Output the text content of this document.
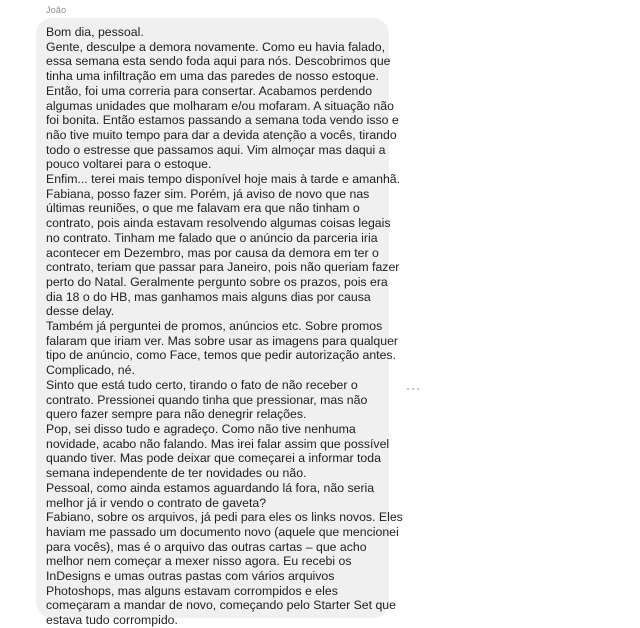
João
Bom dia, pessoal.
Gente, desculpe a demora novamente. Como eu havia falado,
essa semana esta sendo foda aqui para nós. Descobrimos que
tinha uma infiltração em uma das paredes de nosso estoque.
Então, foi uma correria para consertar. Acabamos perdendo
algumas unidades que molharam e/ou mofaram. A situação não
foi bonita. Então estamos passando a semana toda vendo isso e
não tive muito tempo para dar a devida atenção a vocês, tirando
todo o estresse que passamos aqui. Vim almoçar mas daqui a
pouco voltarei para o estoque.
Enfim... terei mais tempo disponível hoje mais à tarde e amanhã.
Fabiana, posso fazer sim. Porém, já aviso de novo que nas
últimas reuniões, o que me falavam era que não tinham o
contrato, pois ainda estavam resolvendo algumas coisas legais
no contrato. Tinham me falado que o anúncio da parceria iria
acontecer em Dezembro, mas por causa da demora em ter o
contrato, teriam que passar para Janeiro, pois não queriam fazer
perto do Natal. Geralmente pergunto sobre os prazos, pois era
dia 18 o do HB, mas ganhamos mais alguns dias por causa
desse delay.
Também já perguntei de promos, anúncios etc. Sobre promos
falaram que iriam ver. Mas sobre usar as imagens para qualquer
tipo de anúncio, como Face, temos que pedir autorização antes.
Complicado, né.
Sinto que está tudo certo, tirando o fato de não receber o
contrato. Pressionei quando tinha que pressionar, mas não
quero fazer sempre para não denegrir relações.
Pop, sei disso tudo e agradeço. Como não tive nenhuma
novidade, acabo não falando. Mas irei falar assim que possível
quando tiver. Mas pode deixar que começarei a informar toda
semana independente de ter novidades ou não.
Pessoal, como ainda estamos aguardando lá fora, não seria
melhor já ir vendo o contrato de gaveta?
Fabiano, sobre os arquivos, já pedi para eles os links novos. Eles
haviam me passado um documento novo (aquele que mencionei
para vocês), mas é o arquivo das outras cartas – que acho
melhor nem começar a mexer nisso agora. Eu recebi os
InDesigns e umas outras pastas com vários arquivos
Photoshops, mas alguns estavam corrompidos e eles
começaram a mandar de novo, começando pelo Starter Set que
estava tudo corrompido.
